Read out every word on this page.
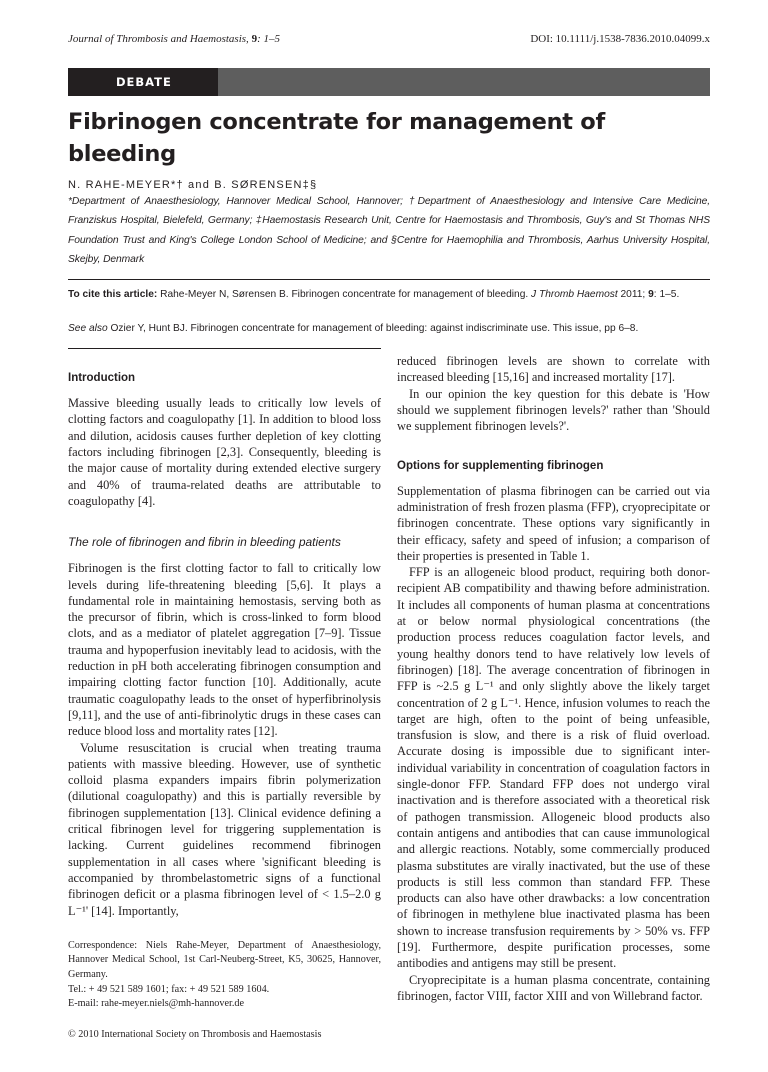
Journal of Thrombosis and Haemostasis, 9: 1–5	DOI: 10.1111/j.1538-7836.2010.04099.x
DEBATE
Fibrinogen concentrate for management of bleeding
N. RAHE-MEYER*† and B. SØRENSEN‡§
*Department of Anaesthesiology, Hannover Medical School, Hannover; †Department of Anaesthesiology and Intensive Care Medicine, Franziskus Hospital, Bielefeld, Germany; ‡Haemostasis Research Unit, Centre for Haemostasis and Thrombosis, Guy's and St Thomas NHS Foundation Trust and King's College London School of Medicine; and §Centre for Haemophilia and Thrombosis, Aarhus University Hospital, Skejby, Denmark
To cite this article: Rahe-Meyer N, Sørensen B. Fibrinogen concentrate for management of bleeding. J Thromb Haemost 2011; 9: 1–5.
See also Ozier Y, Hunt BJ. Fibrinogen concentrate for management of bleeding: against indiscriminate use. This issue, pp 6–8.
Introduction

Massive bleeding usually leads to critically low levels of clotting factors and coagulopathy [1]. In addition to blood loss and dilution, acidosis causes further depletion of key clotting factors including fibrinogen [2,3]. Consequently, bleeding is the major cause of mortality during extended elective surgery and 40% of trauma-related deaths are attributable to coagulopathy [4].

The role of fibrinogen and fibrin in bleeding patients

Fibrinogen is the first clotting factor to fall to critically low levels during life-threatening bleeding [5,6]. It plays a fundamental role in maintaining hemostasis, serving both as the precursor of fibrin, which is cross-linked to form blood clots, and as a mediator of platelet aggregation [7–9]. Tissue trauma and hypoperfusion inevitably lead to acidosis, with the reduction in pH both accelerating fibrinogen consumption and impairing clotting factor function [10]. Additionally, acute traumatic coagulopathy leads to the onset of hyperfibrinolysis [9,11], and the use of anti-fibrinolytic drugs in these cases can reduce blood loss and mortality rates [12].

Volume resuscitation is crucial when treating trauma patients with massive bleeding. However, use of synthetic colloid plasma expanders impairs fibrin polymerization (dilutional coagulopathy) and this is partially reversible by fibrinogen supplementation [13]. Clinical evidence defining a critical fibrinogen level for triggering supplementation is lacking. Current guidelines recommend fibrinogen supplementation in all cases where 'significant bleeding is accompanied by thrombelastometric signs of a functional fibrinogen deficit or a plasma fibrinogen level of < 1.5–2.0 g L⁻¹' [14]. Importantly,

Correspondence: Niels Rahe-Meyer, Department of Anaesthesiology, Hannover Medical School, 1st Carl-Neuberg-Street, K5, 30625, Hannover, Germany.
Tel.: + 49 521 589 1601; fax: + 49 521 589 1604.
E-mail: rahe-meyer.niels@mh-hannover.de
© 2010 International Society on Thrombosis and Haemostasis

reduced fibrinogen levels are shown to correlate with increased bleeding [15,16] and increased mortality [17].

In our opinion the key question for this debate is 'How should we supplement fibrinogen levels?' rather than 'Should we supplement fibrinogen levels?'.

Options for supplementing fibrinogen

Supplementation of plasma fibrinogen can be carried out via administration of fresh frozen plasma (FFP), cryoprecipitate or fibrinogen concentrate. These options vary significantly in their efficacy, safety and speed of infusion; a comparison of their properties is presented in Table 1.

FFP is an allogeneic blood product, requiring both donor-recipient AB compatibility and thawing before administration. It includes all components of human plasma at concentrations at or below normal physiological concentrations (the production process reduces coagulation factor levels, and young healthy donors tend to have relatively low levels of fibrinogen) [18]. The average concentration of fibrinogen in FFP is ~2.5 g L⁻¹ and only slightly above the likely target concentration of 2 g L⁻¹. Hence, infusion volumes to reach the target are high, often to the point of being unfeasible, transfusion is slow, and there is a risk of fluid overload. Accurate dosing is impossible due to significant inter-individual variability in concentration of coagulation factors in single-donor FFP. Standard FFP does not undergo viral inactivation and is therefore associated with a theoretical risk of pathogen transmission. Allogeneic blood products also contain antigens and antibodies that can cause immunological and allergic reactions. Notably, some commercially produced plasma substitutes are virally inactivated, but the use of these products is still less common than standard FFP. These products can also have other drawbacks: a low concentration of fibrinogen in methylene blue inactivated plasma has been shown to increase transfusion requirements by > 50% vs. FFP [19]. Furthermore, despite purification processes, some antibodies and antigens may still be present.

Cryoprecipitate is a human plasma concentrate, containing fibrinogen, factor VIII, factor XIII and von Willebrand factor.
